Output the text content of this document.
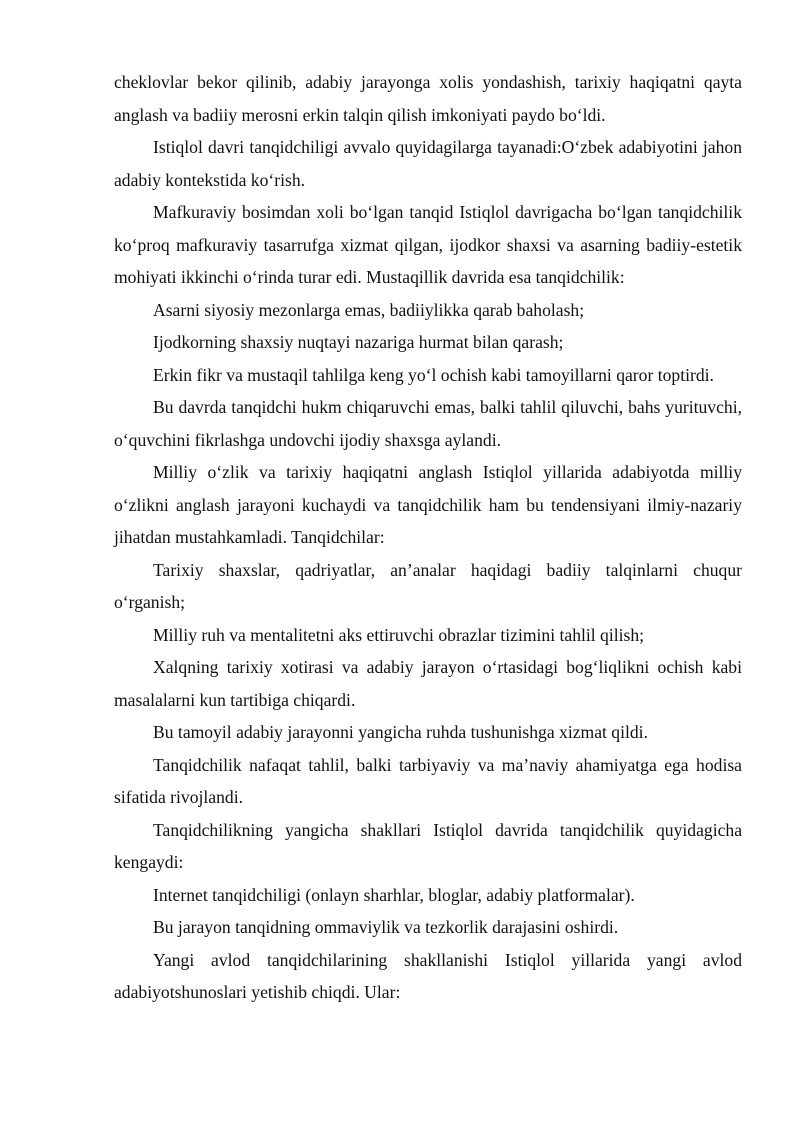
cheklovlar bekor qilinib, adabiy jarayonga xolis yondashish, tarixiy haqiqatni qayta anglash va badiiy merosni erkin talqin qilish imkoniyati paydo bo‘ldi.

Istiqlol davri tanqidchiligi avvalo quyidagilarga tayanadi:O‘zbek adabiyotini jahon adabiy kontekstida ko‘rish.

Mafkuraviy bosimdan xoli bo‘lgan tanqid Istiqlol davrigacha bo‘lgan tanqidchilik ko‘proq mafkuraviy tasarrufga xizmat qilgan, ijodkor shaxsi va asarning badiiy-estetik mohiyati ikkinchi o‘rinda turar edi. Mustaqillik davrida esa tanqidchilik:

Asarni siyosiy mezonlarga emas, badiiylikka qarab baholash;

Ijodkorning shaxsiy nuqtayi nazariga hurmat bilan qarash;

Erkin fikr va mustaqil tahlilga keng yo‘l ochish kabi tamoyillarni qaror toptirdi.

Bu davrda tanqidchi hukm chiqaruvchi emas, balki tahlil qiluvchi, bahs yurituvchi, o‘quvchini fikrlashga undovchi ijodiy shaxsga aylandi.

Milliy o‘zlik va tarixiy haqiqatni anglash Istiqlol yillarida adabiyotda milliy o‘zlikni anglash jarayoni kuchaydi va tanqidchilik ham bu tendensiyani ilmiy-nazariy jihatdan mustahkamladi. Tanqidchilar:

Tarixiy shaxslar, qadriyatlar, an’analar haqidagi badiiy talqinlarni chuqur o‘rganish;

Milliy ruh va mentalitetni aks ettiruvchi obrazlar tizimini tahlil qilish;

Xalqning tarixiy xotirasi va adabiy jarayon o‘rtasidagi bog‘liqlikni ochish kabi masalalarni kun tartibiga chiqardi.

Bu tamoyil adabiy jarayonni yangicha ruhda tushunishga xizmat qildi.

Tanqidchilik nafaqat tahlil, balki tarbiyaviy va ma’naviy ahamiyatga ega hodisa sifatida rivojlandi.

Tanqidchilikning yangicha shakllari Istiqlol davrida tanqidchilik quyidagicha kengaydi:

Internet tanqidchiligi (onlayn sharhlar, bloglar, adabiy platformalar).

Bu jarayon tanqidning ommaviylik va tezkorlik darajasini oshirdi.

Yangi avlod tanqidchilarining shakllanishi Istiqlol yillarida yangi avlod adabiyotshunoslari yetishib chiqdi. Ular:
